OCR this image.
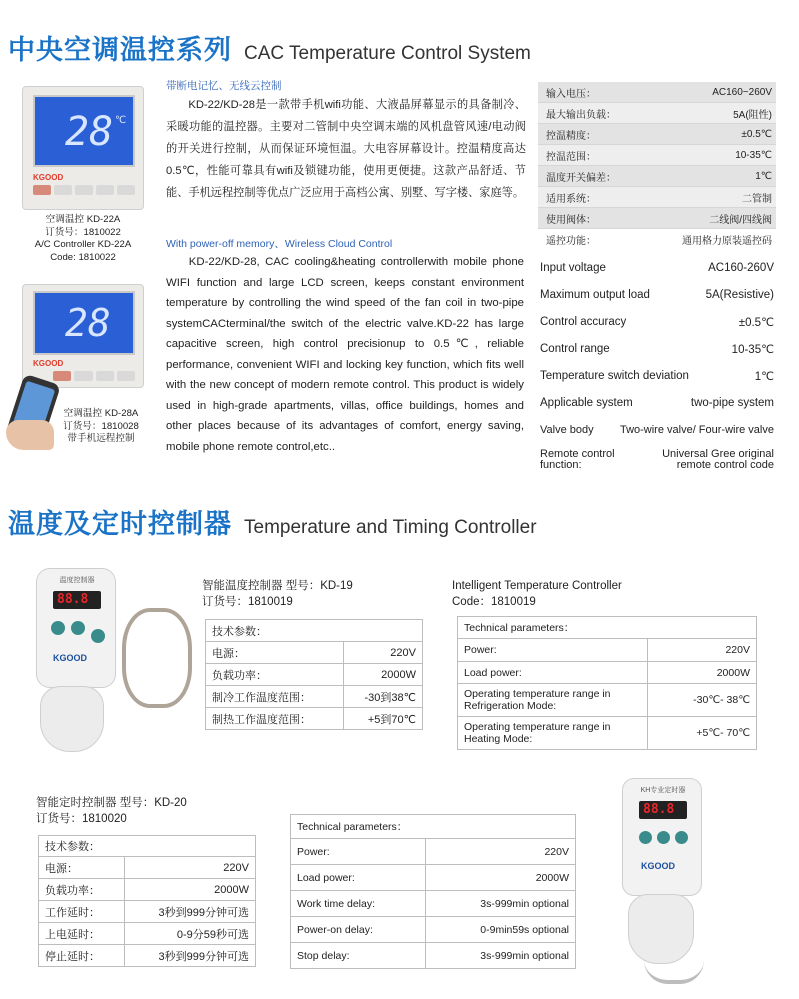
中央空调温控系列 CAC Temperature Control System
28 ℃
KGOOD
空调温控 KD-22A
订货号：1810022
A/C Controller KD-22A
Code: 1810022
28
KGOOD
空调温控 KD-28A
订货号：1810028
带手机远程控制
带断电记忆、无线云控制
KD-22/KD-28是一款带手机wifi功能、大液晶屏幕显示的具备制冷、采暖功能的温控器。主要对二管制中央空调末端的风机盘管风速/电动阀的开关进行控制，从而保证环境恒温。大电容屏幕设计。控温精度高达0.5℃，性能可靠具有wifi及锁键功能，使用更便捷。这款产品舒适、节能、手机远程控制等优点广泛应用于高档公寓、别墅、写字楼、家庭等。
With power-off memory、Wireless Cloud Control
KD-22/KD-28, CAC cooling&heating controllerwith mobile phone WIFI function and large LCD screen, keeps constant environment temperature by controlling the wind speed of the fan coil in two-pipe systemCACterminal/the switch of the electric valve.KD-22 has large capacitive screen, high control precisionup to 0.5℃, reliable performance, convenient WIFI and locking key function, which fits well with the new concept of modern remote control. This product is widely used in high-grade apartments, villas, office buildings, homes and other places because of its advantages of comfort, energy saving, mobile phone remote control,etc..
输入电压：	AC160~260V
最大输出负载：	5A(阻性)
控温精度：	±0.5℃
控温范围：	10-35℃
温度开关偏差：	1℃
适用系统：	二管制
使用阀体：	二线阀/四线阀
遥控功能：	通用格力原装遥控码
Input voltage	AC160-260V
Maximum output load	5A(Resistive)
Control accuracy	±0.5℃
Control range	10-35℃
Temperature switch deviation	1℃
Applicable system	two-pipe system
Valve body Two-wire valve/ Four-wire valve
Remote control function:
Universal Gree original remote control code
温度及定时控制器 Temperature and Timing Controller
温度控制器
88.8
KGOOD
智能温度控制器 型号：KD-19
订货号：1810019
Intelligent Temperature Controller
Code：1810019
技术参数：	
电源：	220V
负载功率：	2000W
制冷工作温度范围：	-30到38℃
制热工作温度范围：	+5到70℃
Technical parameters：	
Power:	220V
Load power:	2000W
Operating temperature range in Refrigeration Mode:	-30℃- 38℃
Operating temperature range in Heating Mode:	+5℃- 70℃
智能定时控制器 型号：KD-20
订货号：1810020
技术参数：	
电源：	220V
负载功率：	2000W
工作延时：	3秒到999分钟可选
上电延时：	0-9分59秒可选
停止延时：	3秒到999分钟可选
Technical parameters：	
Power:	220V
Load power:	2000W
Work time delay:	3s-999min optional
Power-on delay:	0-9min59s optional
Stop delay:	3s-999min optional
KH专业定时器
88.8
KGOOD
